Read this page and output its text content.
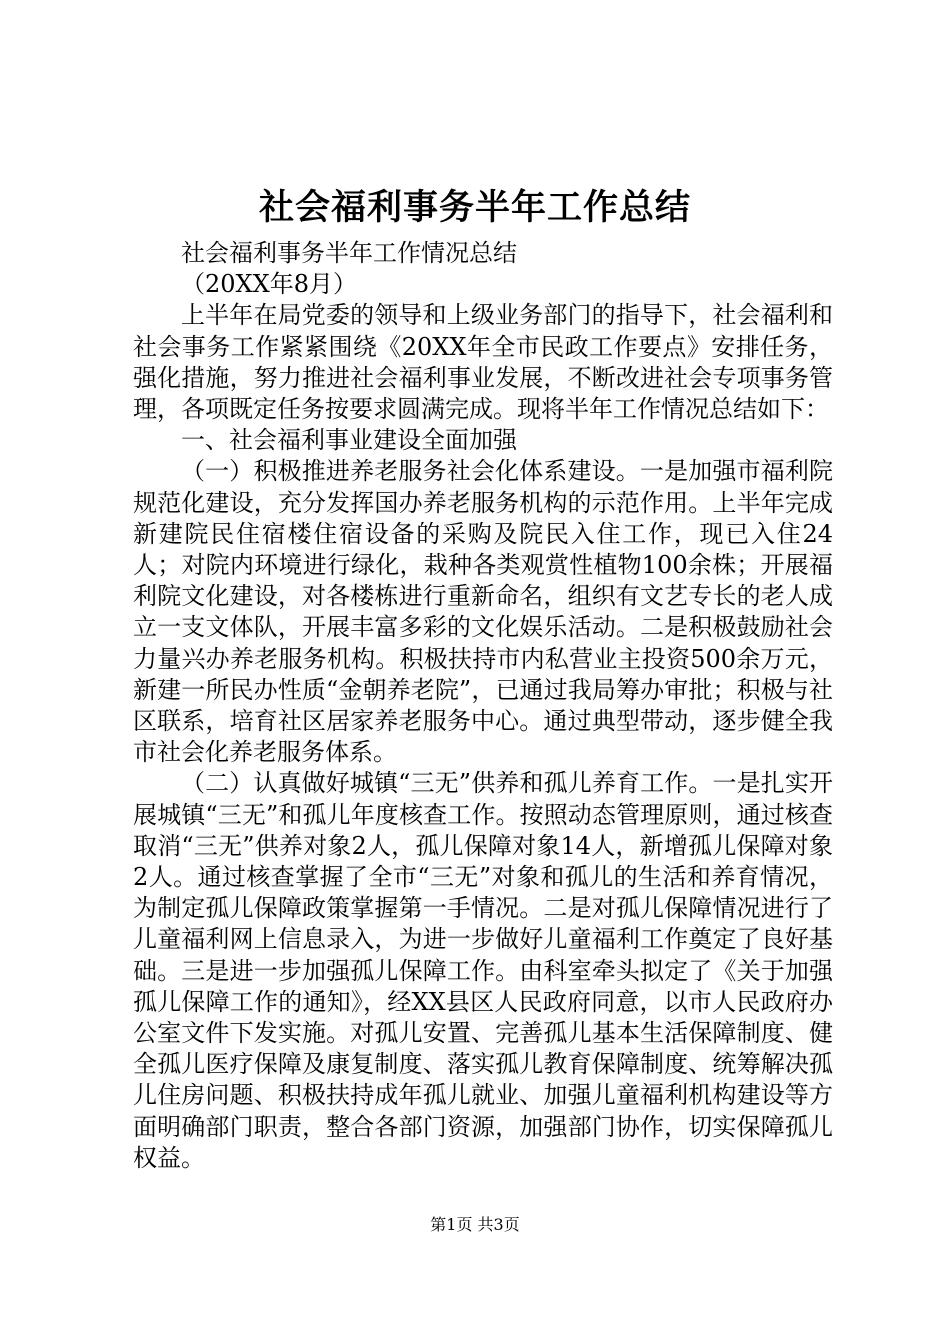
社会福利事务半年工作总结

社会福利事务半年工作情况总结

（20XX年8月）

上半年在局党委的领导和上级业务部门的指导下，社会福利和社会事务工作紧紧围绕《20XX年全市民政工作要点》安排任务，强化措施，努力推进社会福利事业发展，不断改进社会专项事务管理，各项既定任务按要求圆满完成。现将半年工作情况总结如下：

一、社会福利事业建设全面加强

（一）积极推进养老服务社会化体系建设。一是加强市福利院规范化建设，充分发挥国办养老服务机构的示范作用。上半年完成新建院民住宿楼住宿设备的采购及院民入住工作，现已入住24人；对院内环境进行绿化，栽种各类观赏性植物100余株；开展福利院文化建设，对各楼栋进行重新命名，组织有文艺专长的老人成立一支文体队，开展丰富多彩的文化娱乐活动。二是积极鼓励社会力量兴办养老服务机构。积极扶持市内私营业主投资500余万元，新建一所民办性质“金朝养老院”，已通过我局筹办审批；积极与社区联系，培育社区居家养老服务中心。通过典型带动，逐步健全我市社会化养老服务体系。

（二）认真做好城镇“三无”供养和孤儿养育工作。一是扎实开展城镇“三无”和孤儿年度核查工作。按照动态管理原则，通过核查取消“三无”供养对象2人，孤儿保障对象14人，新增孤儿保障对象2人。通过核查掌握了全市“三无”对象和孤儿的生活和养育情况，为制定孤儿保障政策掌握第一手情况。二是对孤儿保障情况进行了儿童福利网上信息录入，为进一步做好儿童福利工作奠定了良好基础。三是进一步加强孤儿保障工作。由科室牵头拟定了《关于加强孤儿保障工作的通知》，经XX县区人民政府同意，以市人民政府办公室文件下发实施。对孤儿安置、完善孤儿基本生活保障制度、健全孤儿医疗保障及康复制度、落实孤儿教育保障制度、统筹解决孤儿住房问题、积极扶持成年孤儿就业、加强儿童福利机构建设等方面明确部门职责，整合各部门资源，加强部门协作，切实保障孤儿权益。

第1页 共3页
